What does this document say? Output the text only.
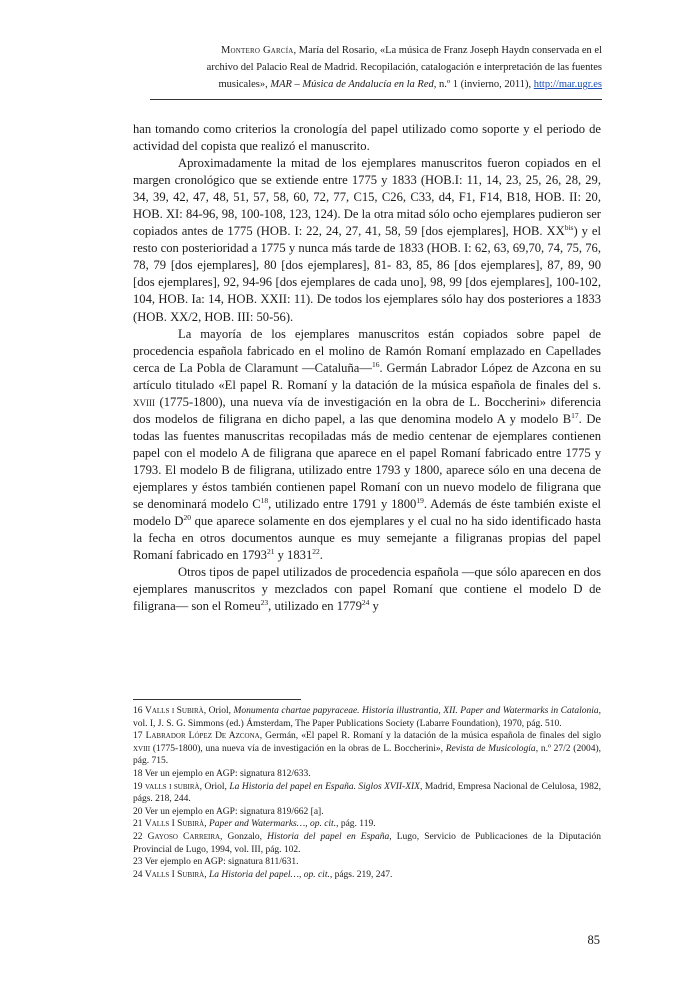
Montero García, María del Rosario, «La música de Franz Joseph Haydn conservada en el
archivo del Palacio Real de Madrid. Recopilación, catalogación e interpretación de las fuentes
musicales», MAR – Música de Andalucía en la Red, n.º 1 (invierno, 2011), http://mar.ugr.es

han tomando como criterios la cronología del papel utilizado como soporte y el periodo de actividad del copista que realizó el manuscrito.

Aproximadamente la mitad de los ejemplares manuscritos fueron copiados en el margen cronológico que se extiende entre 1775 y 1833 (HOB.I: 11, 14, 23, 25, 26, 28, 29, 34, 39, 42, 47, 48, 51, 57, 58, 60, 72, 77, C15, C26, C33, d4, F1, F14, B18, HOB. II: 20, HOB. XI: 84-96, 98, 100-108, 123, 124). De la otra mitad sólo ocho ejemplares pudieron ser copiados antes de 1775 (HOB. I: 22, 24, 27, 41, 58, 59 [dos ejemplares], HOB. $XX^{bis}$) y el resto con posterioridad a 1775 y nunca más tarde de 1833 (HOB. I: 62, 63, 69,70, 74, 75, 76, 78, 79 [dos ejemplares], 80 [dos ejemplares], 81- 83, 85, 86 [dos ejemplares], 87, 89, 90 [dos ejemplares], 92, 94-96 [dos ejemplares de cada uno], 98, 99 [dos ejemplares], 100-102, 104, HOB. Ia: 14, HOB. XXII: 11). De todos los ejemplares sólo hay dos posteriores a 1833 (HOB. XX/2, HOB. III: 50-56).

La mayoría de los ejemplares manuscritos están copiados sobre papel de procedencia española fabricado en el molino de Ramón Romaní emplazado en Capellades cerca de La Pobla de Claramunt —Cataluña—$^{16}$. Germán Labrador López de Azcona en su artículo titulado «El papel R. Romaní y la datación de la música española de finales del s. xviii (1775-1800), una nueva vía de investigación en la obra de L. Boccherini» diferencia dos modelos de filigrana en dicho papel, a las que denomina modelo A y modelo $B^{17}$. De todas las fuentes manuscritas recopiladas más de medio centenar de ejemplares contienen papel con el modelo A de filigrana que aparece en el papel Romaní fabricado entre 1775 y 1793. El modelo B de filigrana, utilizado entre 1793 y 1800, aparece sólo en una decena de ejemplares y éstos también contienen papel Romaní con un nuevo modelo de filigrana que se denominará modelo $C^{18}$, utilizado entre 1791 y 1800$^{19}$. Además de éste también existe el modelo $D^{20}$ que aparece solamente en dos ejemplares y el cual no ha sido identificado hasta la fecha en otros documentos aunque es muy semejante a filigranas propias del papel Romaní fabricado en 1793$^{21}$ y 1831$^{22}$.

Otros tipos de papel utilizados de procedencia española —que sólo aparecen en dos ejemplares manuscritos y mezclados con papel Romaní que contiene el modelo D de filigrana— son el Romeu$^{23}$, utilizado en 1779$^{24}$ y

16 Valls i Subirà, Oriol, Monumenta chartae papyraceae. Historia illustrantia, XII. Paper and Watermarks in Catalonia, vol. I, J. S. G. Simmons (ed.) Ámsterdam, The Paper Publications Society (Labarre Foundation), 1970, pág. 510.

17 Labrador López De Azcona, Germán, «El papel R. Romaní y la datación de la música española de finales del siglo xviii (1775-1800), una nueva vía de investigación en la obras de L. Boccherini», Revista de Musicología, n.º 27/2 (2004), pág. 715.

18 Ver un ejemplo en AGP: signatura 812/633.

19 valls i subirà, Oriol, La Historia del papel en España. Siglos XVII-XIX, Madrid, Empresa Nacional de Celulosa, 1982, págs. 218, 244.

20 Ver un ejemplo en AGP: signatura 819/662 [a].

21 Valls I Subirà, Paper and Watermarks…, op. cit., pág. 119.

22 Gayoso Carreira, Gonzalo, Historia del papel en España, Lugo, Servicio de Publicaciones de la Diputación Provincial de Lugo, 1994, vol. III, pág. 102.

23 Ver ejemplo en AGP: signatura 811/631.

24 Valls I Subirà, La Historia del papel…, op. cit., págs. 219, 247.

85
